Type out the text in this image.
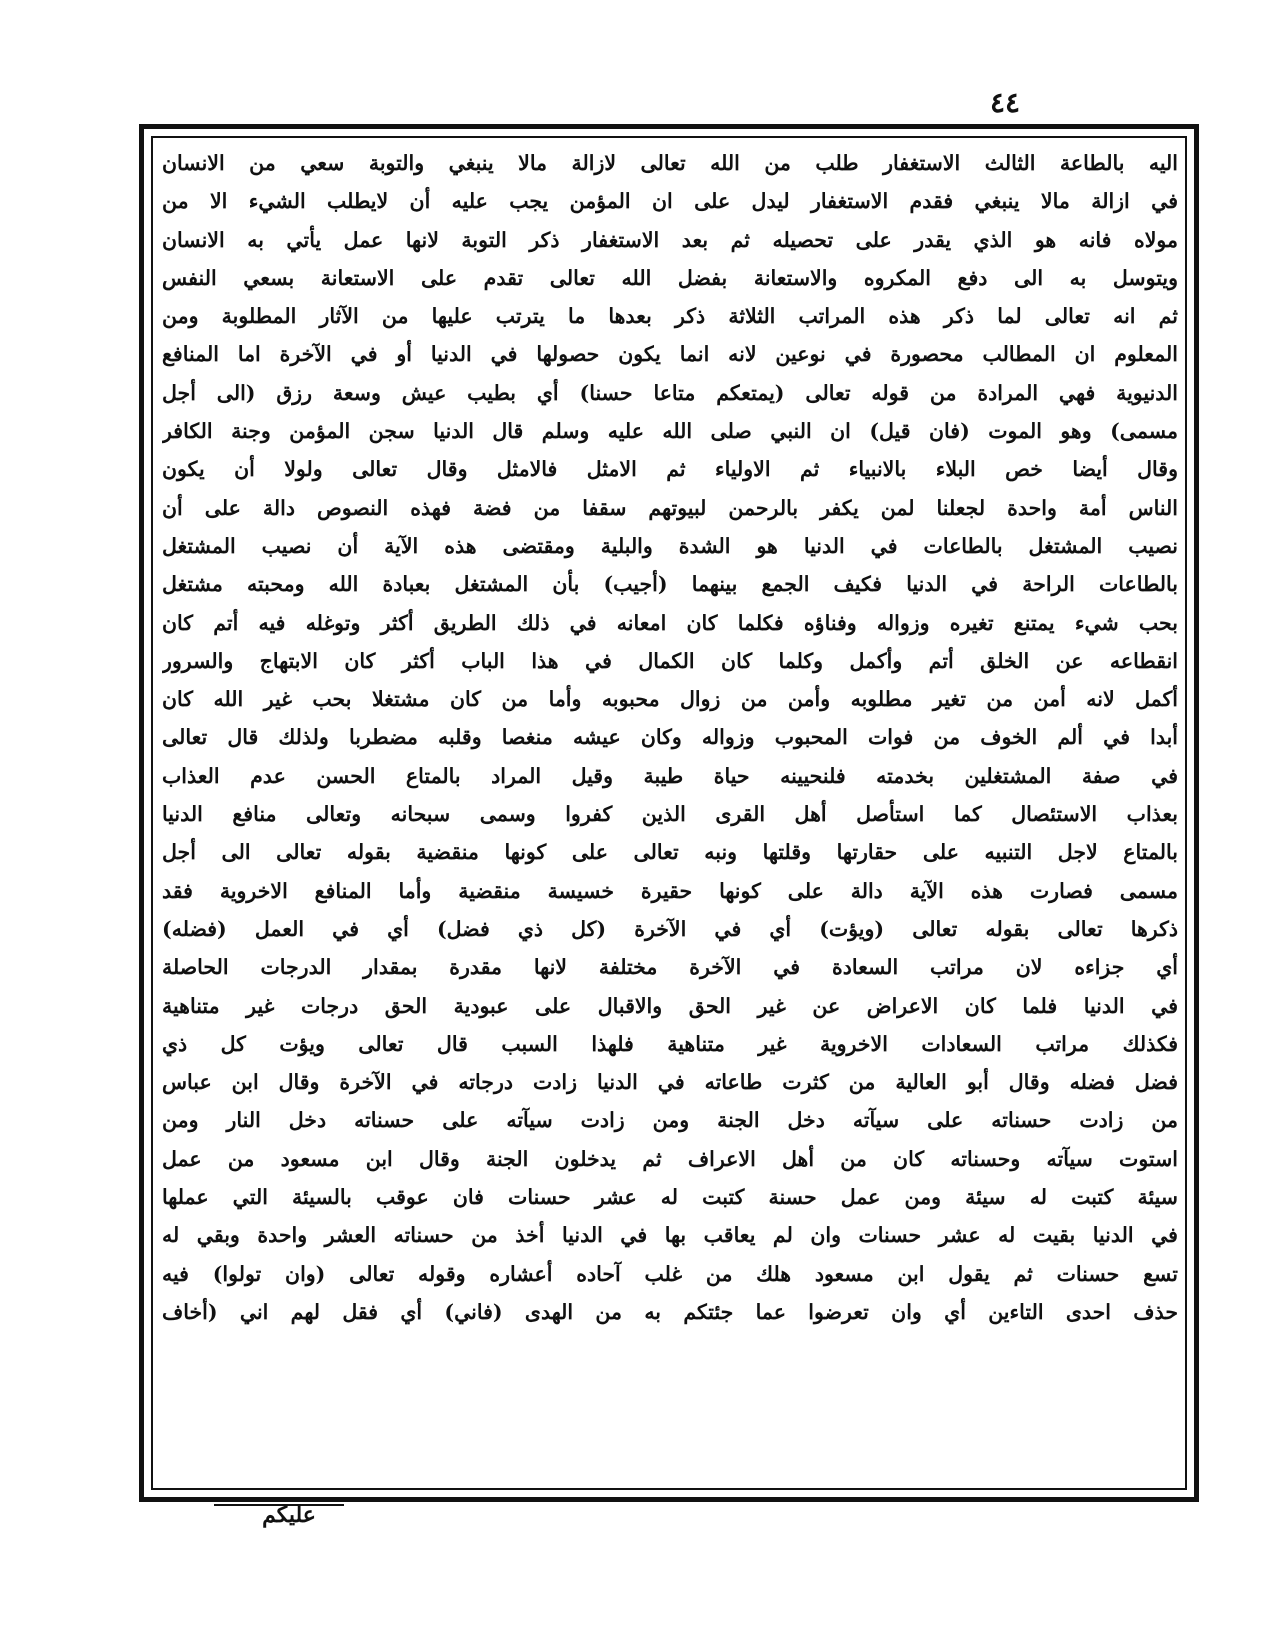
٤٤
اليه بالطاعة الثالث الاستغفار طلب من الله تعالى لازالة مالا ينبغي والتوبة سعي من الانسان
في ازالة مالا ينبغي فقدم الاستغفار ليدل على ان المؤمن يجب عليه أن لايطلب الشيء الا من
مولاه فانه هو الذي يقدر على تحصيله ثم بعد الاستغفار ذكر التوبة لانها عمل يأتي به الانسان
ويتوسل به الى دفع المكروه والاستعانة بفضل الله تعالى تقدم على الاستعانة بسعي النفس
ثم انه تعالى لما ذكر هذه المراتب الثلاثة ذكر بعدها ما يترتب عليها من الآثار المطلوبة ومن
المعلوم ان المطالب محصورة في نوعين لانه انما يكون حصولها في الدنيا أو في الآخرة اما المنافع
الدنيوية فهي المرادة من قوله تعالى (يمتعكم متاعا حسنا) أي بطيب عيش وسعة رزق (الى أجل
مسمى) وهو الموت (فان قيل) ان النبي صلى الله عليه وسلم قال الدنيا سجن المؤمن وجنة الكافر
وقال أيضا خص البلاء بالانبياء ثم الاولياء ثم الامثل فالامثل وقال تعالى ولولا أن يكون
الناس أمة واحدة لجعلنا لمن يكفر بالرحمن لبيوتهم سقفا من فضة فهذه النصوص دالة على أن
نصيب المشتغل بالطاعات في الدنيا هو الشدة والبلية ومقتضى هذه الآية أن نصيب المشتغل
بالطاعات الراحة في الدنيا فكيف الجمع بينهما (أجيب) بأن المشتغل بعبادة الله ومحبته مشتغل
بحب شيء يمتنع تغيره وزواله وفناؤه فكلما كان امعانه في ذلك الطريق أكثر وتوغله فيه أتم كان
انقطاعه عن الخلق أتم وأكمل وكلما كان الكمال في هذا الباب أكثر كان الابتهاج والسرور
أكمل لانه أمن من تغير مطلوبه وأمن من زوال محبوبه وأما من كان مشتغلا بحب غير الله كان
أبدا في ألم الخوف من فوات المحبوب وزواله وكان عيشه منغصا وقلبه مضطربا ولذلك قال تعالى
في صفة المشتغلين بخدمته فلنحيينه حياة طيبة وقيل المراد بالمتاع الحسن عدم العذاب
بعذاب الاستئصال كما استأصل أهل القرى الذين كفروا وسمى سبحانه وتعالى منافع الدنيا
بالمتاع لاجل التنبيه على حقارتها وقلتها ونبه تعالى على كونها منقضية بقوله تعالى الى أجل
مسمى فصارت هذه الآية دالة على كونها حقيرة خسيسة منقضية وأما المنافع الاخروية فقد
ذكرها تعالى بقوله تعالى (ويؤت) أي في الآخرة (كل ذي فضل) أي في العمل (فضله)
أي جزاءه لان مراتب السعادة في الآخرة مختلفة لانها مقدرة بمقدار الدرجات الحاصلة
في الدنيا فلما كان الاعراض عن غير الحق والاقبال على عبودية الحق درجات غير متناهية
فكذلك مراتب السعادات الاخروية غير متناهية فلهذا السبب قال تعالى ويؤت كل ذي
فضل فضله وقال أبو العالية من كثرت طاعاته في الدنيا زادت درجاته في الآخرة وقال ابن عباس
من زادت حسناته على سيآته دخل الجنة ومن زادت سيآته على حسناته دخل النار ومن
استوت سيآته وحسناته كان من أهل الاعراف ثم يدخلون الجنة وقال ابن مسعود من عمل
سيئة كتبت له سيئة ومن عمل حسنة كتبت له عشر حسنات فان عوقب بالسيئة التي عملها
في الدنيا بقيت له عشر حسنات وان لم يعاقب بها في الدنيا أخذ من حسناته العشر واحدة وبقي له
تسع حسنات ثم يقول ابن مسعود هلك من غلب آحاده أعشاره وقوله تعالى (وان تولوا) فيه
حذف احدى التاءين أي وان تعرضوا عما جئتكم به من الهدى (فاني) أي فقل لهم اني (أخاف
عليكم
